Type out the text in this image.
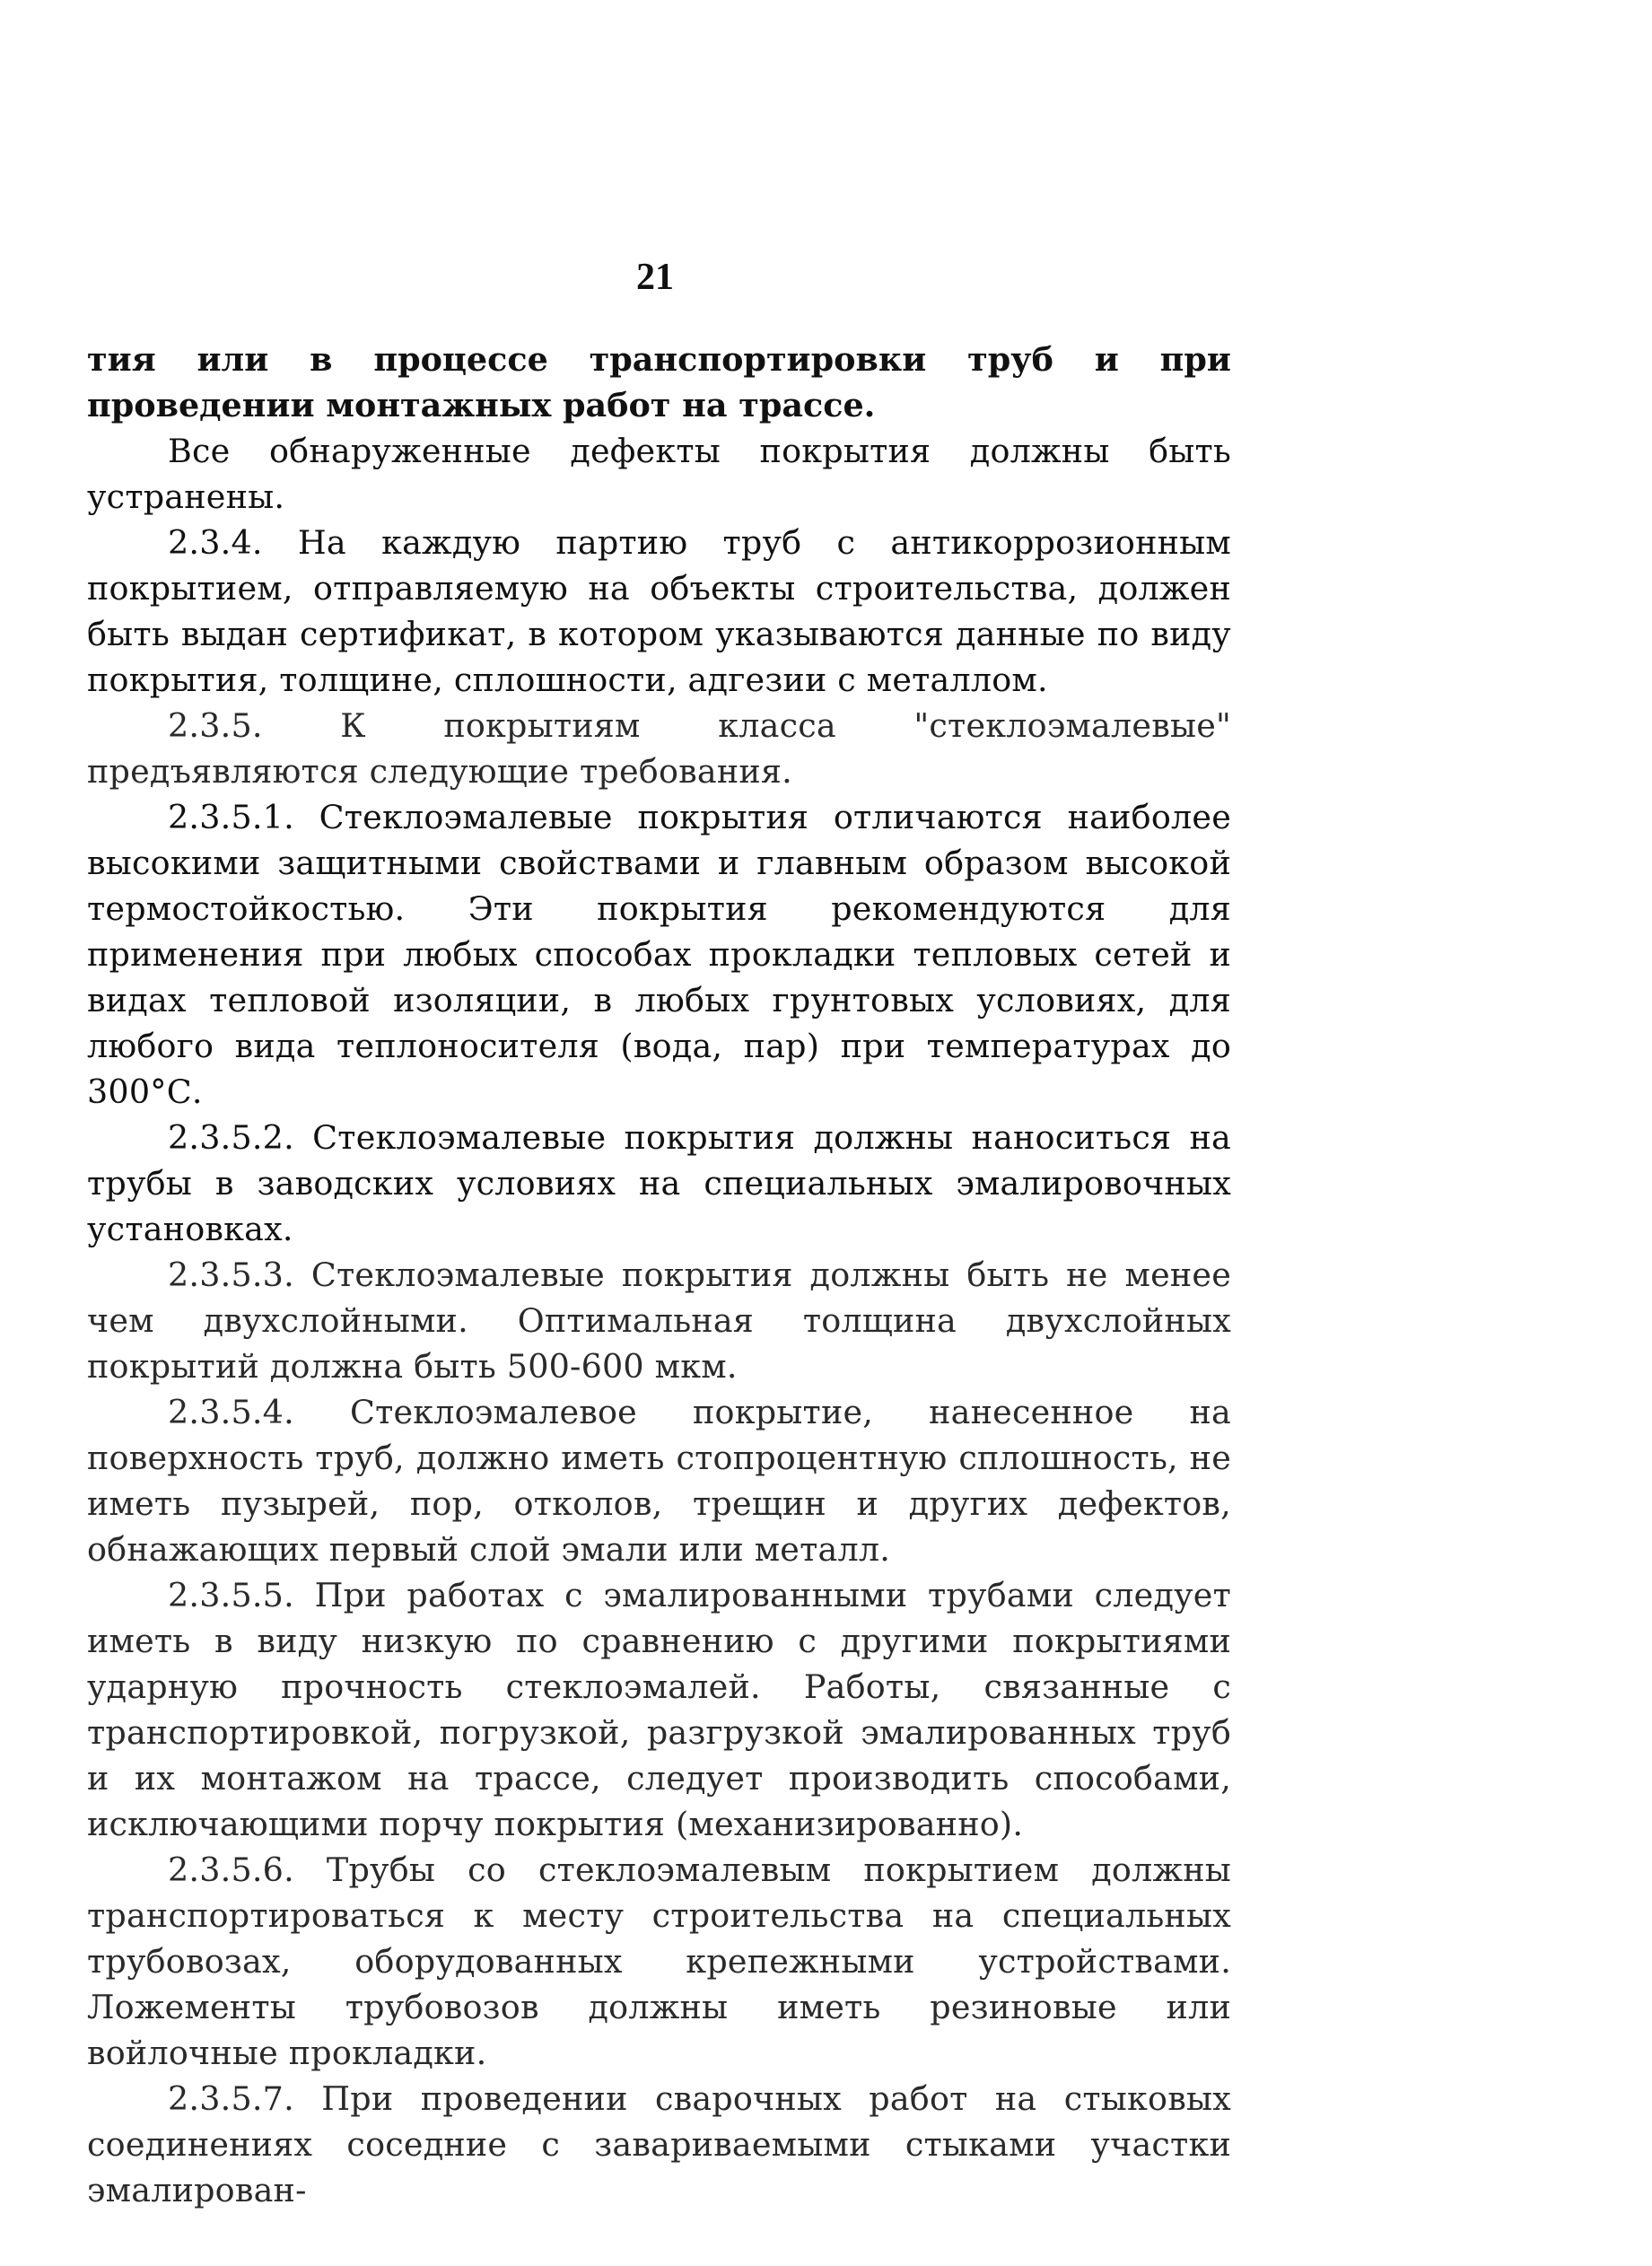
21

тия или в процессе транспортировки труб и при проведении монтажных работ на трассе.

Все обнаруженные дефекты покрытия должны быть устранены.

2.3.4. На каждую партию труб с антикоррозионным покрытием, отправляемую на объекты строительства, должен быть выдан сертификат, в котором указываются данные по виду покрытия, толщине, сплошности, адгезии с металлом.

2.3.5. К покрытиям класса "стеклоэмалевые" предъявляются следующие требования.

2.3.5.1. Стеклоэмалевые покрытия отличаются наиболее высокими защитными свойствами и главным образом высокой термостойкостью. Эти покрытия рекомендуются для применения при любых способах прокладки тепловых сетей и видах тепловой изоляции, в любых грунтовых условиях, для любого вида теплоносителя (вода, пар) при температурах до 300°С.

2.3.5.2. Стеклоэмалевые покрытия должны наноситься на трубы в заводских условиях на специальных эмалировочных установках.

2.3.5.3. Стеклоэмалевые покрытия должны быть не менее чем двухслойными. Оптимальная толщина двухслойных покрытий должна быть 500-600 мкм.

2.3.5.4. Стеклоэмалевое покрытие, нанесенное на поверхность труб, должно иметь стопроцентную сплошность, не иметь пузырей, пор, отколов, трещин и других дефектов, обнажающих первый слой эмали или металл.

2.3.5.5. При работах с эмалированными трубами следует иметь в виду низкую по сравнению с другими покрытиями ударную прочность стеклоэмалей. Работы, связанные с транспортировкой, погрузкой, разгрузкой эмалированных труб и их монтажом на трассе, следует производить способами, исключающими порчу покрытия (механизированно).

2.3.5.6. Трубы со стеклоэмалевым покрытием должны транспортироваться к месту строительства на специальных трубовозах, оборудованных крепежными устройствами. Ложементы трубовозов должны иметь резиновые или войлочные прокладки.

2.3.5.7. При проведении сварочных работ на стыковых соединениях соседние с завариваемыми стыками участки эмалирован-
